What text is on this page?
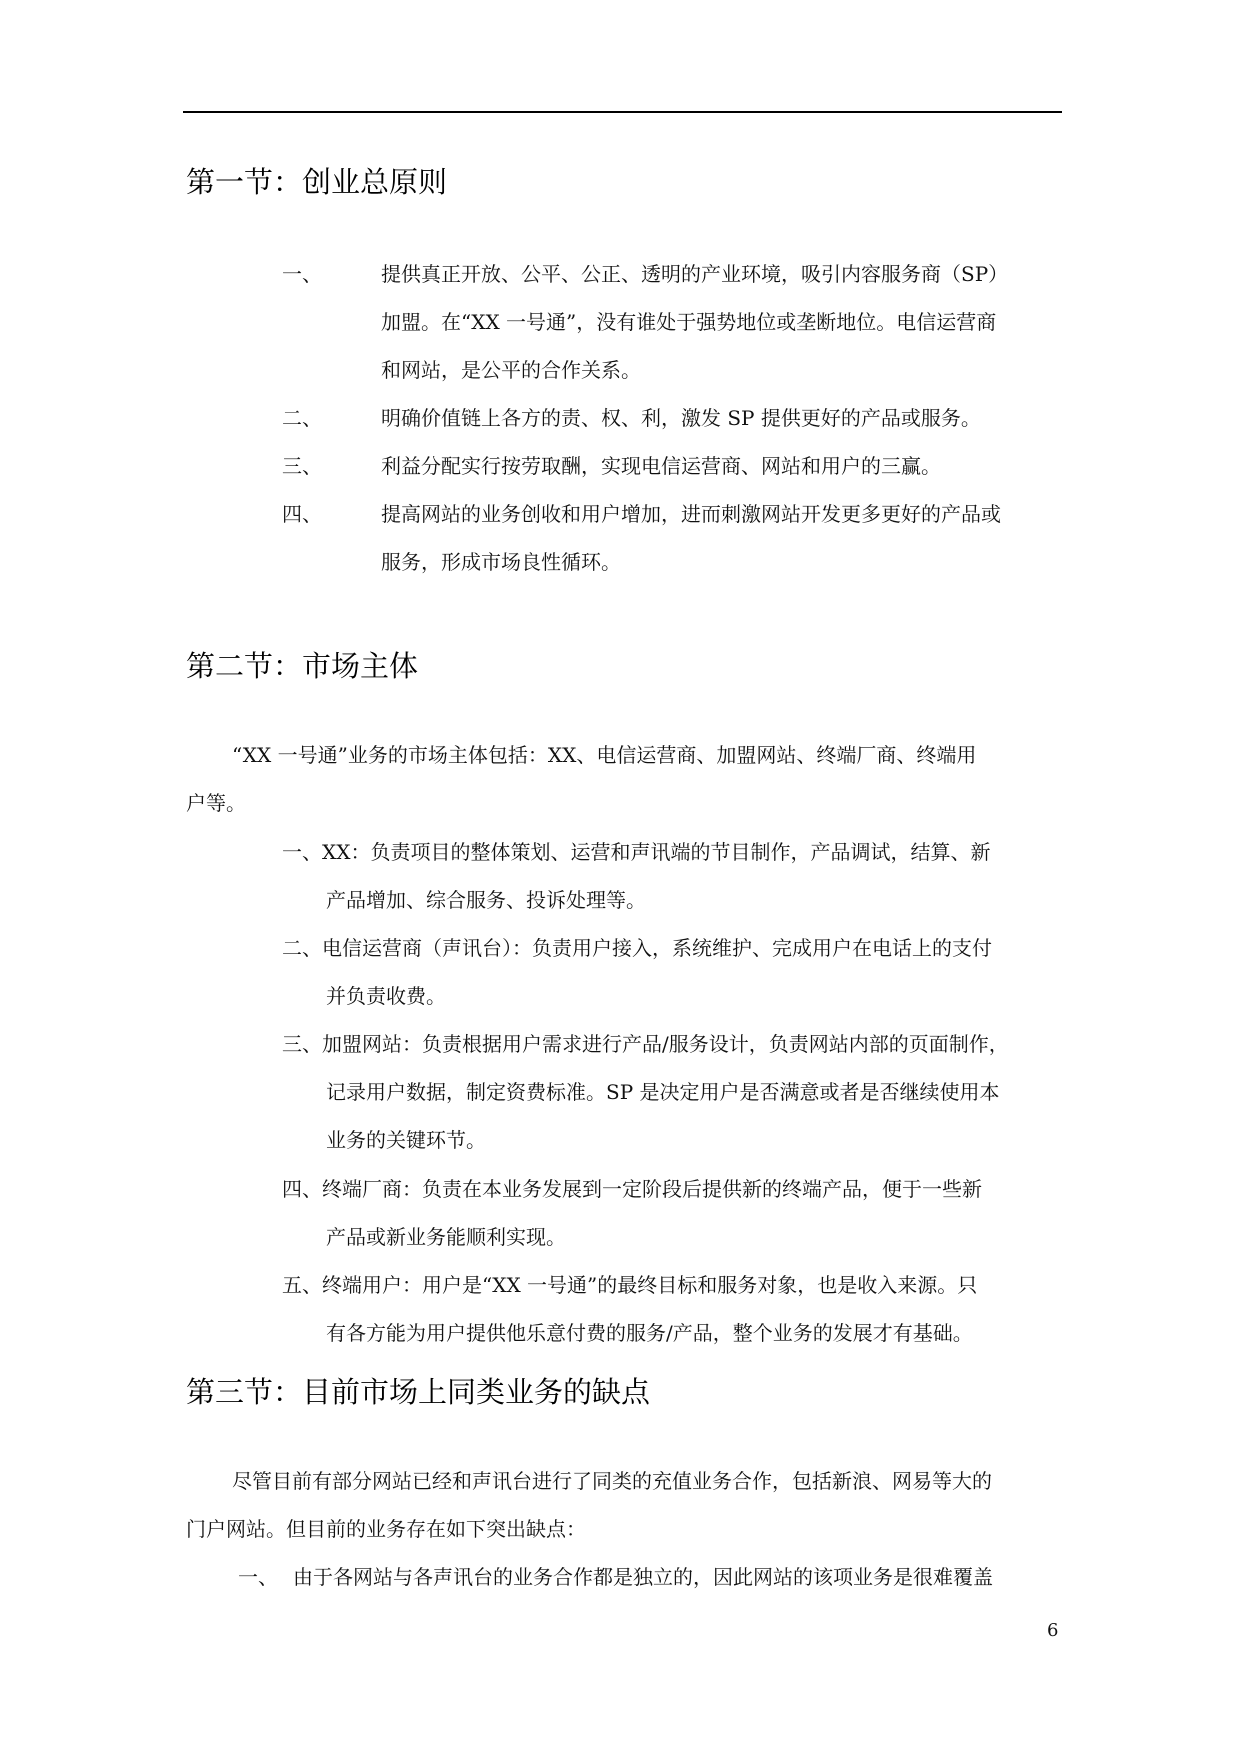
第一节：创业总原则
一、	提供真正开放、公平、公正、透明的产业环境，吸引内容服务商（SP）
加盟。在“XX 一号通”，没有谁处于强势地位或垄断地位。电信运营商
和网站，是公平的合作关系。
二、	明确价值链上各方的责、权、利，激发 SP 提供更好的产品或服务。
三、	利益分配实行按劳取酬，实现电信运营商、网站和用户的三赢。
四、	提高网站的业务创收和用户增加，进而刺激网站开发更多更好的产品或
服务，形成市场良性循环。
第二节：市场主体
“XX 一号通”业务的市场主体包括：XX、电信运营商、加盟网站、终端厂商、终端用
户等。
一、XX：负责项目的整体策划、运营和声讯端的节目制作，产品调试，结算、新
产品增加、综合服务、投诉处理等。
二、电信运营商（声讯台）：负责用户接入，系统维护、完成用户在电话上的支付
并负责收费。
三、加盟网站：负责根据用户需求进行产品/服务设计，负责网站内部的页面制作，
记录用户数据，制定资费标准。SP 是决定用户是否满意或者是否继续使用本
业务的关键环节。
四、终端厂商：负责在本业务发展到一定阶段后提供新的终端产品，便于一些新
产品或新业务能顺利实现。
五、终端用户：用户是“XX 一号通”的最终目标和服务对象，也是收入来源。只
有各方能为用户提供他乐意付费的服务/产品，整个业务的发展才有基础。
第三节：目前市场上同类业务的缺点
尽管目前有部分网站已经和声讯台进行了同类的充值业务合作，包括新浪、网易等大的
门户网站。但目前的业务存在如下突出缺点：
一、 由于各网站与各声讯台的业务合作都是独立的，因此网站的该项业务是很难覆盖
6
